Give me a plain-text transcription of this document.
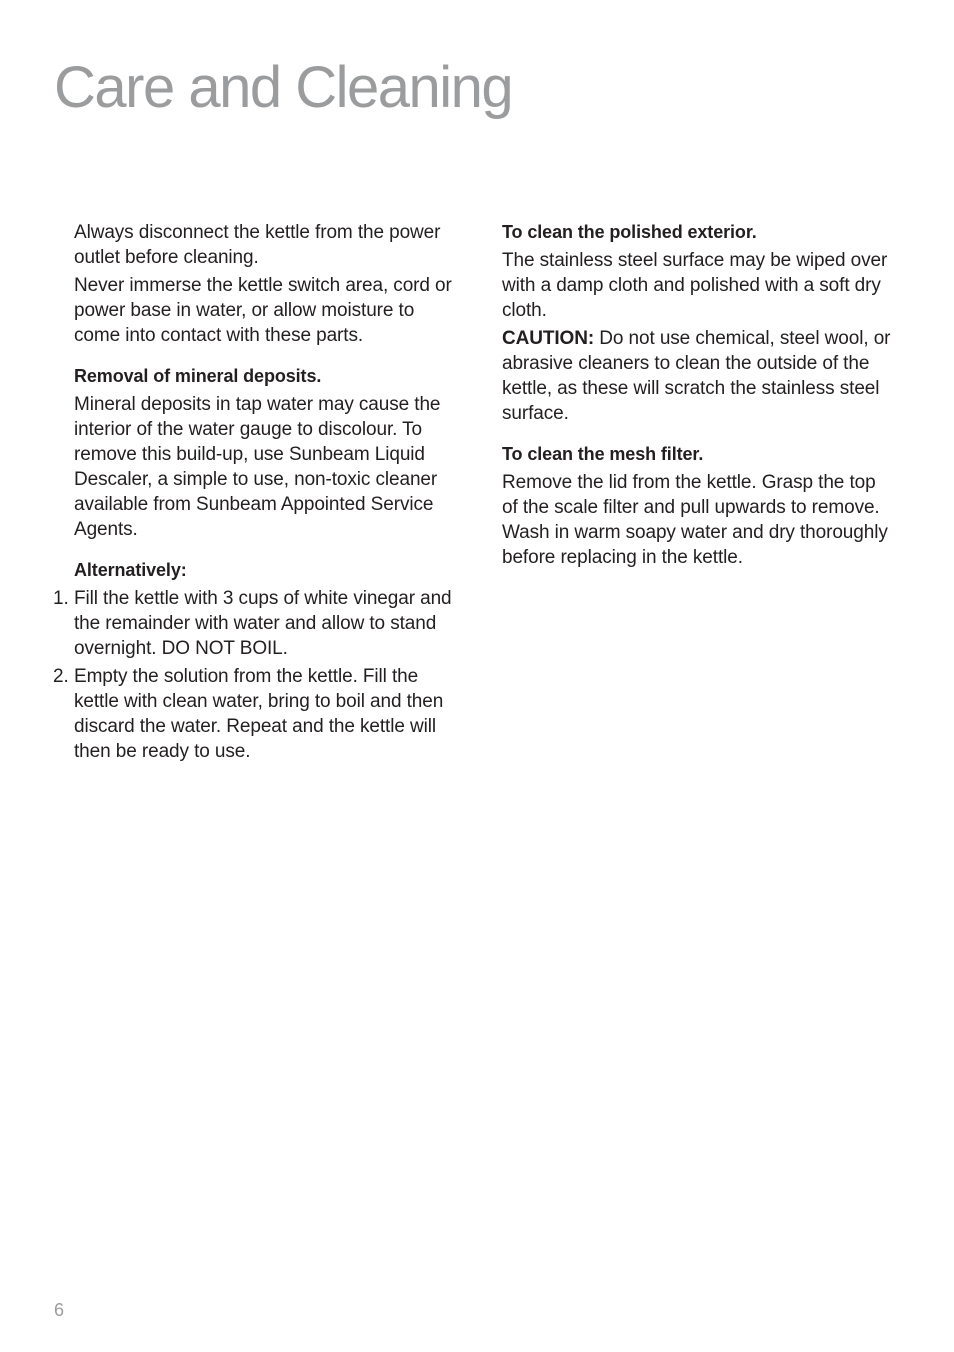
Care and Cleaning

Always disconnect the kettle from the power outlet before cleaning.

Never immerse the kettle switch area, cord or power base in water, or allow moisture to come into contact with these parts.

Removal of mineral deposits.

Mineral deposits in tap water may cause the interior of the water gauge to discolour. To remove this build-up, use Sunbeam Liquid Descaler, a simple to use, non-toxic cleaner available from Sunbeam Appointed Service Agents.

Alternatively:
1. Fill the kettle with 3 cups of white vinegar and the remainder with water and allow to stand overnight. DO NOT BOIL.
2. Empty the solution from the kettle. Fill the kettle with clean water, bring to boil and then discard the water. Repeat and the kettle will then be ready to use.
To clean the polished exterior.

The stainless steel surface may be wiped over with a damp cloth and polished with a soft dry cloth.

CAUTION: Do not use chemical, steel wool, or abrasive cleaners to clean the outside of the kettle, as these will scratch the stainless steel surface.

To clean the mesh filter.

Remove the lid from the kettle. Grasp the top of the scale filter and pull upwards to remove. Wash in warm soapy water and dry thoroughly before replacing in the kettle.

6
